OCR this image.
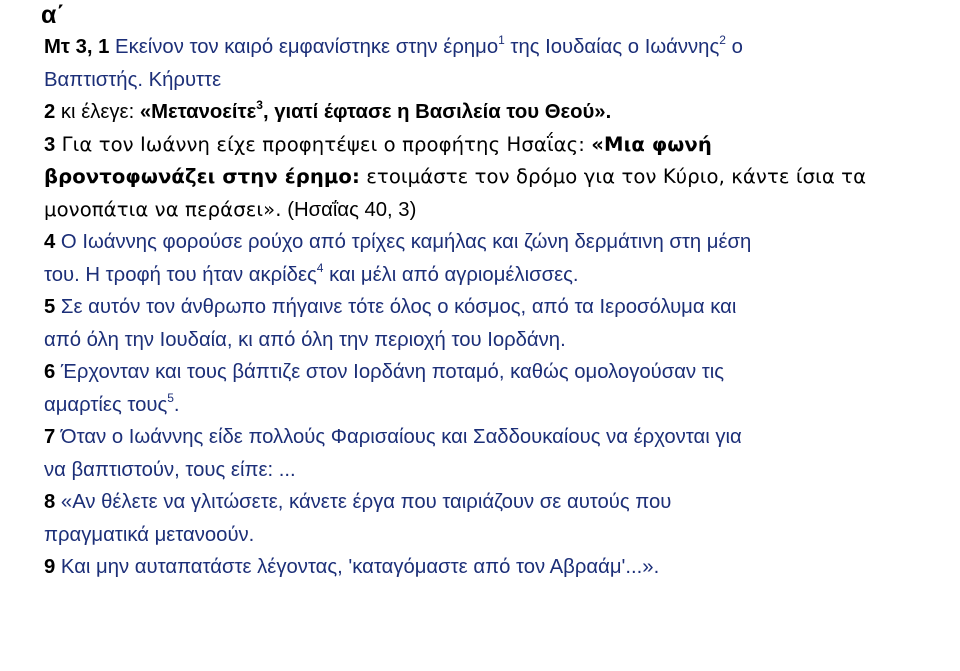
α΄
Μτ 3, 1 Εκείνον τον καιρό εμφανίστηκε στην έρημο$^1$ της Ιουδαίας ο Ιωάννης$^2$ ο
Βαπτιστής. Κήρυττε
2 κι έλεγε: «Μετανοείτε$^3$, γιατί έφτασε η Βασιλεία του Θεού».
3 Για τον Ιωάννη είχε προφητέψει ο προφήτης Ησαΐας: «Μια φωνή
βροντοφωνάζει στην έρημο: ετοιμάστε τον δρόμο για τον Κύριο, κάντε ίσια τα
μονοπάτια να περάσει». (Ησαΐας 40, 3)
4 Ο Ιωάννης φορούσε ρούχο από τρίχες καμήλας και ζώνη δερμάτινη στη μέση
του. Η τροφή του ήταν ακρίδες$^4$ και μέλι από αγριομέλισσες.
5 Σε αυτόν τον άνθρωπο πήγαινε τότε όλος ο κόσμος, από τα Ιεροσόλυμα και
από όλη την Ιουδαία, κι από όλη την περιοχή του Ιορδάνη.
6 Έρχονταν και τους βάπτιζε στον Ιορδάνη ποταμό, καθώς ομολογούσαν τις
αμαρτίες τους$^5$.
7 Όταν ο Ιωάννης είδε πολλούς Φαρισαίους και Σαδδουκαίους να έρχονται για
να βαπτιστούν, τους είπε: ...
8 «Αν θέλετε να γλιτώσετε, κάνετε έργα που ταιριάζουν σε αυτούς που
πραγματικά μετανοούν.
9 Και μην αυταπατάστε λέγοντας, 'καταγόμαστε από τον Αβραάμ'...».
